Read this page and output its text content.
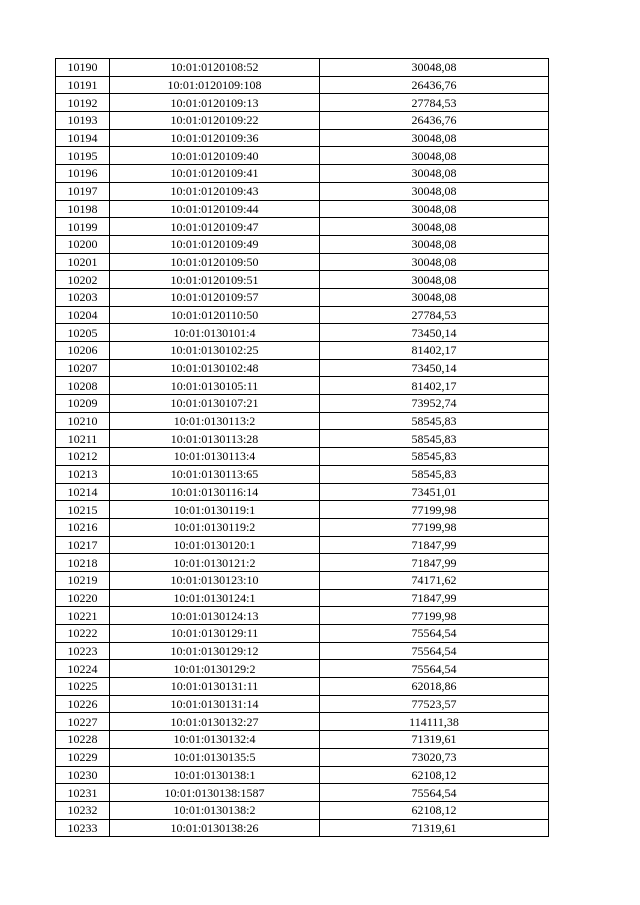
10190	10:01:0120108:52	30048,08
10191	10:01:0120109:108	26436,76
10192	10:01:0120109:13	27784,53
10193	10:01:0120109:22	26436,76
10194	10:01:0120109:36	30048,08
10195	10:01:0120109:40	30048,08
10196	10:01:0120109:41	30048,08
10197	10:01:0120109:43	30048,08
10198	10:01:0120109:44	30048,08
10199	10:01:0120109:47	30048,08
10200	10:01:0120109:49	30048,08
10201	10:01:0120109:50	30048,08
10202	10:01:0120109:51	30048,08
10203	10:01:0120109:57	30048,08
10204	10:01:0120110:50	27784,53
10205	10:01:0130101:4	73450,14
10206	10:01:0130102:25	81402,17
10207	10:01:0130102:48	73450,14
10208	10:01:0130105:11	81402,17
10209	10:01:0130107:21	73952,74
10210	10:01:0130113:2	58545,83
10211	10:01:0130113:28	58545,83
10212	10:01:0130113:4	58545,83
10213	10:01:0130113:65	58545,83
10214	10:01:0130116:14	73451,01
10215	10:01:0130119:1	77199,98
10216	10:01:0130119:2	77199,98
10217	10:01:0130120:1	71847,99
10218	10:01:0130121:2	71847,99
10219	10:01:0130123:10	74171,62
10220	10:01:0130124:1	71847,99
10221	10:01:0130124:13	77199,98
10222	10:01:0130129:11	75564,54
10223	10:01:0130129:12	75564,54
10224	10:01:0130129:2	75564,54
10225	10:01:0130131:11	62018,86
10226	10:01:0130131:14	77523,57
10227	10:01:0130132:27	114111,38
10228	10:01:0130132:4	71319,61
10229	10:01:0130135:5	73020,73
10230	10:01:0130138:1	62108,12
10231	10:01:0130138:1587	75564,54
10232	10:01:0130138:2	62108,12
10233	10:01:0130138:26	71319,61
